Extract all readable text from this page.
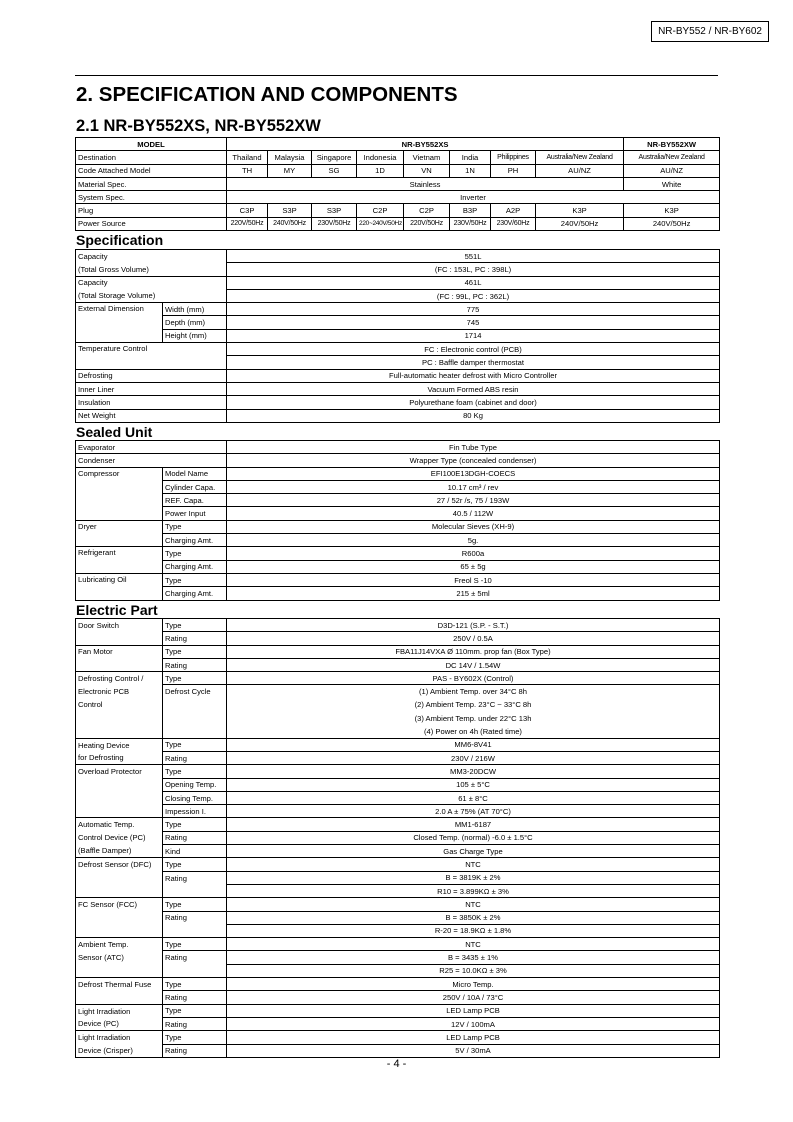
NR-BY552 / NR-BY602
2. SPECIFICATION AND COMPONENTS
2.1 NR-BY552XS, NR-BY552XW
MODEL	NR-BY552XS								NR-BY552XW
Destination	Thailand	Malaysia	Singapore	Indonesia	Vietnam	India	Philippines	Australia/New Zealand	Australia/New Zealand
Code Attached Model	TH	MY	SG	1D	VN	1N	PH	AU/NZ	AU/NZ
Material Spec.	Stainless								White
System Spec.	Inverter								
Plug	C3P	S3P	S3P	C2P	C2P	B3P	A2P	K3P	K3P
Power Source	220V/50Hz	240V/50Hz	230V/50Hz	220~240V/50Hz	220V/50Hz	230V/50Hz	230V/60Hz	240V/50Hz	240V/50Hz
Specification
Capacity		551L
(Total Gross Volume)		(FC : 153L, PC : 398L)
Capacity		461L
(Total Storage Volume)		(FC : 99L, PC : 362L)
External Dimension	Width (mm)	775
	Depth (mm)	745
	Height (mm)	1714
Temperature Control		FC : Electronic control (PCB)
		PC : Baffle damper thermostat
Defrosting		Full-automatic heater defrost with Micro Controller
Inner Liner		Vacuum Formed ABS resin
Insulation		Polyurethane foam (cabinet and door)
Net Weight		80 Kg
Sealed Unit
Evaporator		Fin Tube Type
Condenser		Wrapper Type (concealed condenser)
Compressor	Model Name	EFI100E13DGH-COECS
	Cylinder Capa.	10.17 cm³ / rev
	REF. Capa.	27 / 52r /s, 75 / 193W
	Power Input	40.5 / 112W
Dryer	Type	Molecular Sieves (XH-9)
	Charging Amt.	5g.
Refrigerant	Type	R600a
	Charging Amt.	65 ± 5g
Lubricating Oil	Type	Freol S -10
	Charging Amt.	215 ± 5ml
Electric Part
Door Switch	Type	D3D-121 (S.P. - S.T.)
	Rating	250V / 0.5A
Fan Motor	Type	FBA11J14VXA Ø 110mm. prop fan (Box Type)
	Rating	DC 14V / 1.54W
Defrosting Control /	Type	PAS - BY602X (Control)
Electronic PCB	Defrost Cycle	(1) Ambient Temp. over 34°C 8h
Control		(2) Ambient Temp. 23°C ~ 33°C 8h
		(3) Ambient Temp. under 22°C 13h
		(4) Power on 4h (Rated time)
Heating Device	Type	MM6-8V41
for Defrosting	Rating	230V / 216W
Overload Protector	Type	MM3-20DCW
	Opening Temp.	105 ± 5°C
	Closing Temp.	61 ± 8°C
	Impession I.	2.0 A ± 75% (AT 70°C)
Automatic Temp.	Type	MM1-6187
Control Device (PC)	Rating	Closed Temp. (normal) -6.0 ± 1.5°C
(Baffle Damper)	Kind	Gas Charge Type
Defrost Sensor (DFC)	Type	NTC
	Rating	B = 3819K ± 2%
		R10 = 3.899KΩ ± 3%
FC Sensor (FCC)	Type	NTC
	Rating	B = 3850K ± 2%
		R-20 = 18.9KΩ ± 1.8%
Ambient Temp.	Type	NTC
Sensor (ATC)	Rating	B = 3435 ± 1%
		R25 = 10.0KΩ ± 3%
Defrost Thermal Fuse	Type	Micro Temp.
	Rating	250V / 10A / 73°C
Light Irradiation	Type	LED Lamp PCB
Device (PC)	Rating	12V / 100mA
Light Irradiation	Type	LED Lamp PCB
Device (Crisper)	Rating	5V / 30mA
- 4 -
